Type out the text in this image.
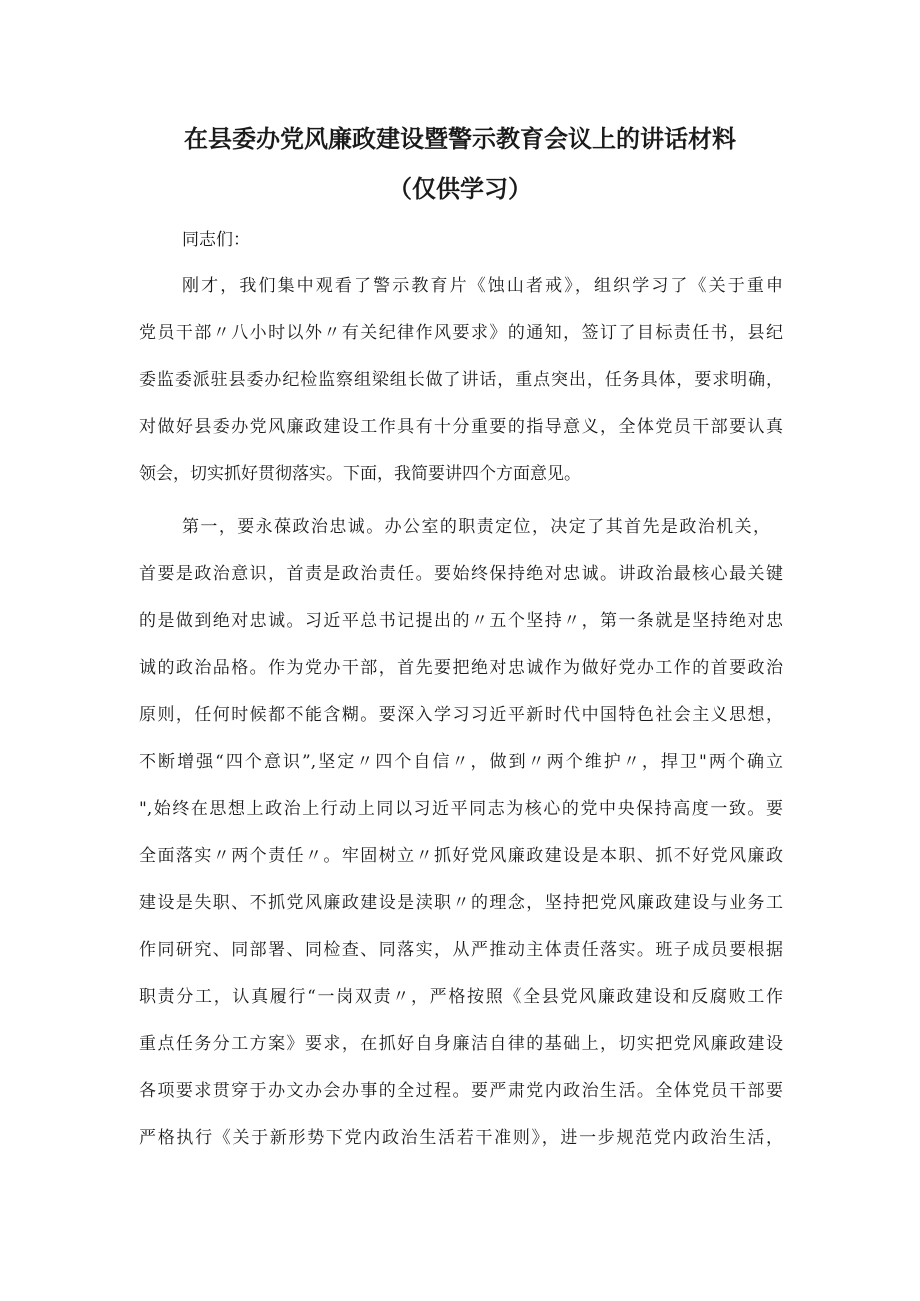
在县委办党风廉政建设暨警示教育会议上的讲话材料
（仅供学习）

同志们：

刚才，我们集中观看了警示教育片《蚀山者戒》，组织学习了《关于重申

党员干部〃八小时以外〃有关纪律作风要求》的通知，签订了目标责任书，县纪

委监委派驻县委办纪检监察组梁组长做了讲话，重点突出，任务具体，要求明确，

对做好县委办党风廉政建设工作具有十分重要的指导意义，全体党员干部要认真

领会，切实抓好贯彻落实。下面，我简要讲四个方面意见。

第一，要永葆政治忠诚。办公室的职责定位，决定了其首先是政治机关，

首要是政治意识，首责是政治责任。要始终保持绝对忠诚。讲政治最核心最关键

的是做到绝对忠诚。习近平总书记提出的〃五个坚持〃，第一条就是坚持绝对忠

诚的政治品格。作为党办干部，首先要把绝对忠诚作为做好党办工作的首要政治

原则，任何时候都不能含糊。要深入学习习近平新时代中国特色社会主义思想，

不断增强“四个意识”,坚定〃四个自信〃，做到〃两个维护〃，捍卫"两个确立

",始终在思想上政治上行动上同以习近平同志为核心的党中央保持高度一致。要

全面落实〃两个责任〃。牢固树立〃抓好党风廉政建设是本职、抓不好党风廉政

建设是失职、不抓党风廉政建设是渎职〃的理念，坚持把党风廉政建设与业务工

作同研究、同部署、同检查、同落实，从严推动主体责任落实。班子成员要根据

职责分工，认真履行“一岗双责〃，严格按照《全县党风廉政建设和反腐败工作

重点任务分工方案》要求，在抓好自身廉洁自律的基础上，切实把党风廉政建设

各项要求贯穿于办文办会办事的全过程。要严肃党内政治生活。全体党员干部要

严格执行《关于新形势下党内政治生活若干准则》，进一步规范党内政治生活，
